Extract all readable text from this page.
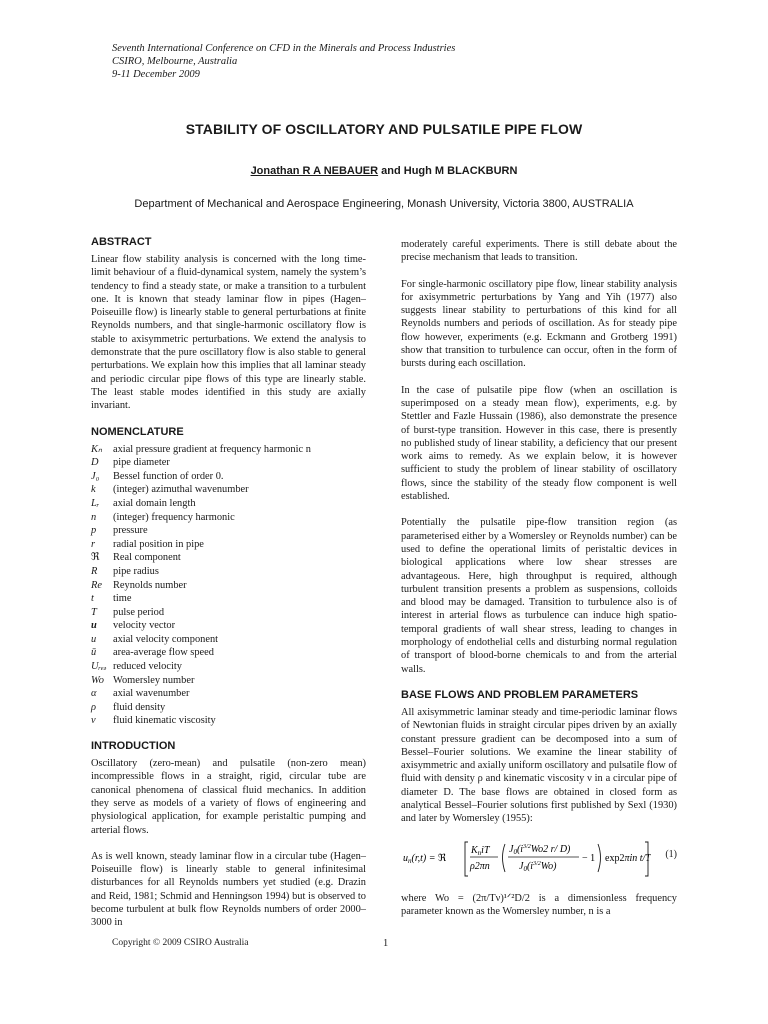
Seventh International Conference on CFD in the Minerals and Process Industries
CSIRO, Melbourne, Australia
9-11 December 2009
STABILITY OF OSCILLATORY AND PULSATILE PIPE FLOW
Jonathan R A NEBAUER and Hugh M BLACKBURN
Department of Mechanical and Aerospace Engineering, Monash University, Victoria 3800, AUSTRALIA
ABSTRACT

Linear flow stability analysis is concerned with the long time-limit behaviour of a fluid-dynamical system, namely the system’s tendency to find a steady state, or make a transition to a turbulent one. It is known that steady laminar flow in pipes (Hagen–Poiseuille flow) is linearly stable to general perturbations at finite Reynolds numbers, and that single-harmonic oscillatory flow is stable to axisymmetric perturbations. We extend the analysis to demonstrate that the pure oscillatory flow is also stable to general perturbations. We explain how this implies that all laminar steady and periodic circular pipe flows of this type are linearly stable. The least stable modes identified in this study are axially invariant.

NOMENCLATURE
Kₙ	axial pressure gradient at frequency harmonic n
D	pipe diameter
J₀	Bessel function of order 0.
k	(integer) azimuthal wavenumber
Lᵣ	axial domain length
n	(integer) frequency harmonic
p	pressure
r	radial position in pipe
ℜ	Real component
R	pipe radius
Re	Reynolds number
t	time
T	pulse period
u	velocity vector
u	axial velocity component
ū	area-average flow speed
Uᵣₑₔ reduced velocity
Wo Womersley number
α	axial wavenumber
ρ	fluid density
ν	fluid kinematic viscosity
INTRODUCTION

Oscillatory (zero-mean) and pulsatile (non-zero mean) incompressible flows in a straight, rigid, circular tube are canonical phenomena of classical fluid mechanics. In addition they serve as models of a variety of flows of engineering and physiological application, for example peristaltic pumping and arterial flows.

As is well known, steady laminar flow in a circular tube (Hagen–Poiseuille flow) is linearly stable to general infinitesimal disturbances for all Reynolds numbers yet studied (e.g. Drazin and Reid, 1981; Schmid and Henningson 1994) but is observed to become turbulent at bulk flow Reynolds numbers of order 2000–3000 in

moderately careful experiments. There is still debate about the precise mechanism that leads to transition.

For single-harmonic oscillatory pipe flow, linear stability analysis for axisymmetric perturbations by Yang and Yih (1977) also suggests linear stability to perturbations of this kind for all Reynolds numbers and periods of oscillation. As for steady pipe flow however, experiments (e.g. Eckmann and Grotberg 1991) show that transition to turbulence can occur, often in the form of bursts during each oscillation.

In the case of pulsatile pipe flow (when an oscillation is superimposed on a steady mean flow), experiments, e.g. by Stettler and Fazle Hussain (1986), also demonstrate the presence of burst-type transition. However in this case, there is presently no published study of linear stability, a deficiency that our present work aims to remedy. As we explain below, it is however sufficient to study the problem of linear stability of oscillatory flows, since the stability of the steady flow component is well established.

Potentially the pulsatile pipe-flow transition region (as parameterised either by a Womersley or Reynolds number) can be used to define the operational limits of peristaltic devices in biological applications where low shear stresses are advantageous. Here, high throughput is required, although turbulent transition presents a problem as suspensions, colloids and blood may be damaged. Transition to turbulence also is of interest in arterial flows as turbulence can induce high spatio-temporal gradients of wall shear stress, leading to changes in morphology of endothelial cells and disturbing normal regulation of transport of blood-borne chemicals to and from the arterial walls.

BASE FLOWS AND PROBLEM PARAMETERS

All axisymmetric laminar steady and time-periodic laminar flows of Newtonian fluids in straight circular pipes driven by an axially constant pressure gradient can be decomposed into a sum of Bessel–Fourier solutions. We examine the linear stability of axisymmetric and axially uniform oscillatory and pulsatile flow of fluid with density ρ and kinematic viscosity ν in a circular pipe of diameter D. The base flows are obtained in closed form as analytical Bessel–Fourier solutions first published by Sexl (1930) and later by Womersley (1955):

$u_n(r,t)$ = ℜ
$K_niT$
ρ2πn
$J_0(i^{3/2}Wo2$ r/ D)
$J_0(i^{3/2}Wo)$
− 1 exp2πin t/T (1)

where Wo = (2π/Tν)¹ᐟ²D/2 is a dimensionless frequency parameter known as the Womersley number, n is a

Copyright © 2009 CSIRO Australia	1
